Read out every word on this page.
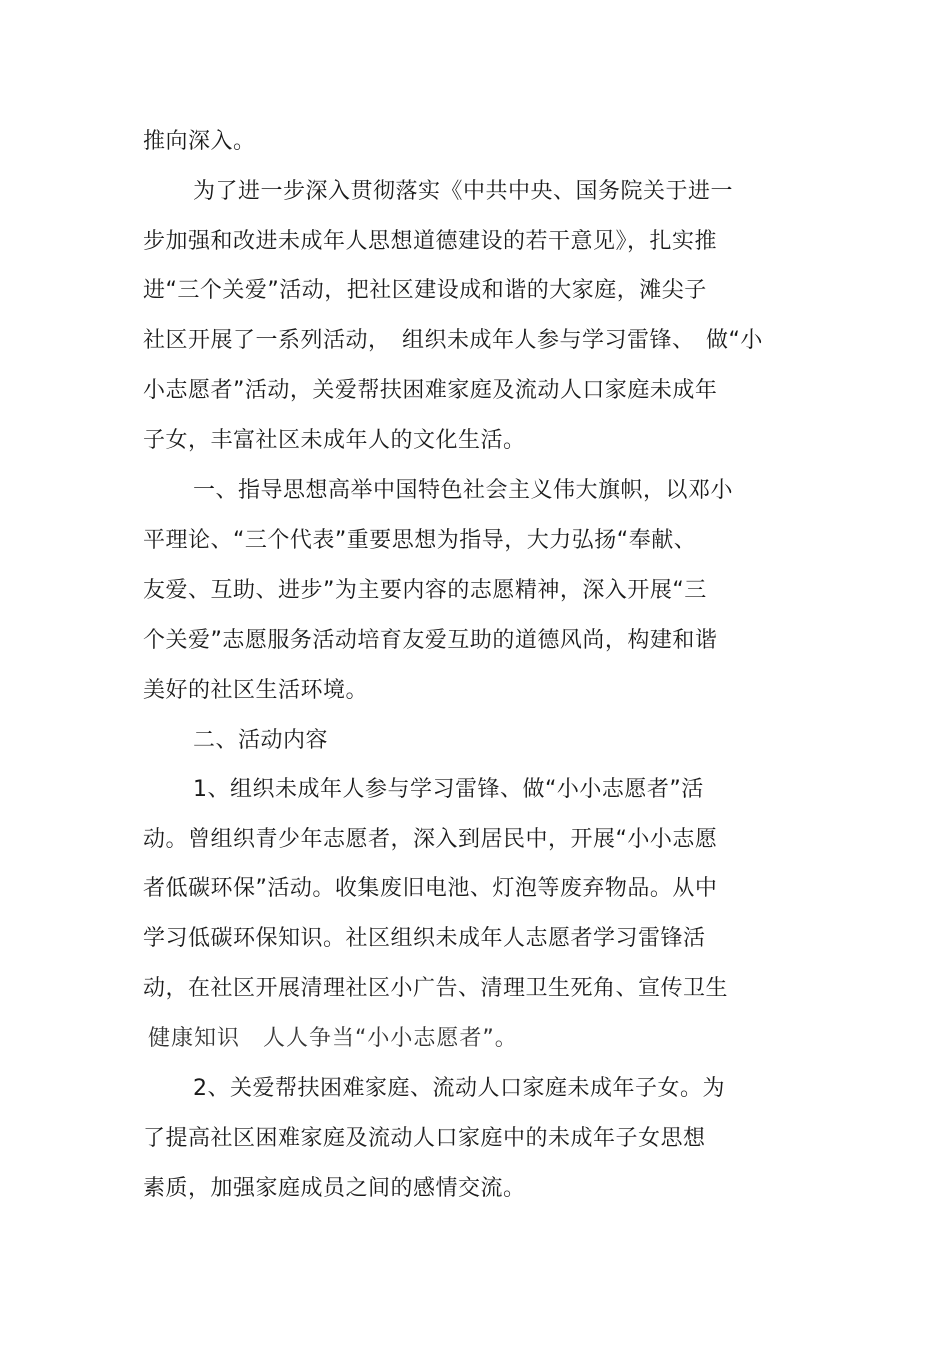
推向深入。
为了进一步深入贯彻落实《中共中央、国务院关于进一
步加强和改进未成年人思想道德建设的若干意见》，扎实推
进“三个关爱”活动，把社区建设成和谐的大家庭，滩尖子
社区开展了一系列活动，　组织未成年人参与学习雷锋、　做“小
小志愿者”活动，关爱帮扶困难家庭及流动人口家庭未成年
子女，丰富社区未成年人的文化生活。
一、指导思想高举中国特色社会主义伟大旗帜，以邓小
平理论、“三个代表”重要思想为指导，大力弘扬“奉献、
友爱、互助、进步”为主要内容的志愿精神，深入开展“三
个关爱”志愿服务活动培育友爱互助的道德风尚，构建和谐
美好的社区生活环境。
二、活动内容
1、组织未成年人参与学习雷锋、做“小小志愿者”活
动。曾组织青少年志愿者，深入到居民中，开展“小小志愿
者低碳环保”活动。收集废旧电池、灯泡等废弃物品。从中
学习低碳环保知识。社区组织未成年人志愿者学习雷锋活
动，在社区开展清理社区小广告、清理卫生死角、宣传卫生
健康知识　人人争当“小小志愿者”。
2、关爱帮扶困难家庭、流动人口家庭未成年子女。为
了提高社区困难家庭及流动人口家庭中的未成年子女思想
素质，加强家庭成员之间的感情交流。
